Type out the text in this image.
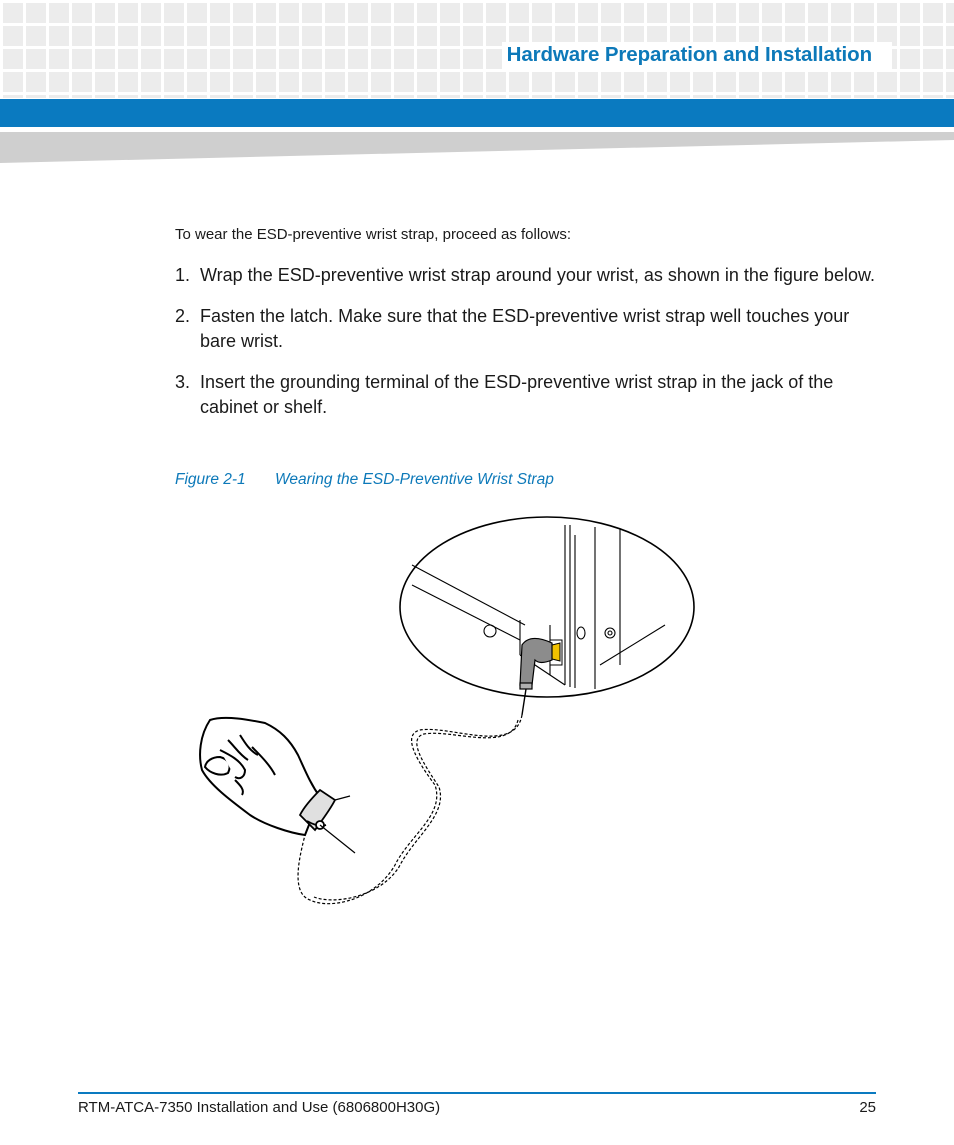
Hardware Preparation and Installation
To wear the ESD-preventive wrist strap, proceed as follows:
1. Wrap the ESD-preventive wrist strap around your wrist, as shown in the figure below.
2. Fasten the latch. Make sure that the ESD-preventive wrist strap well touches your bare wrist.
3. Insert the grounding terminal of the ESD-preventive wrist strap in the jack of the cabinet or shelf.
Figure 2-1 Wearing the ESD-Preventive Wrist Strap
RTM-ATCA-7350 Installation and Use (6806800H30G)	25
